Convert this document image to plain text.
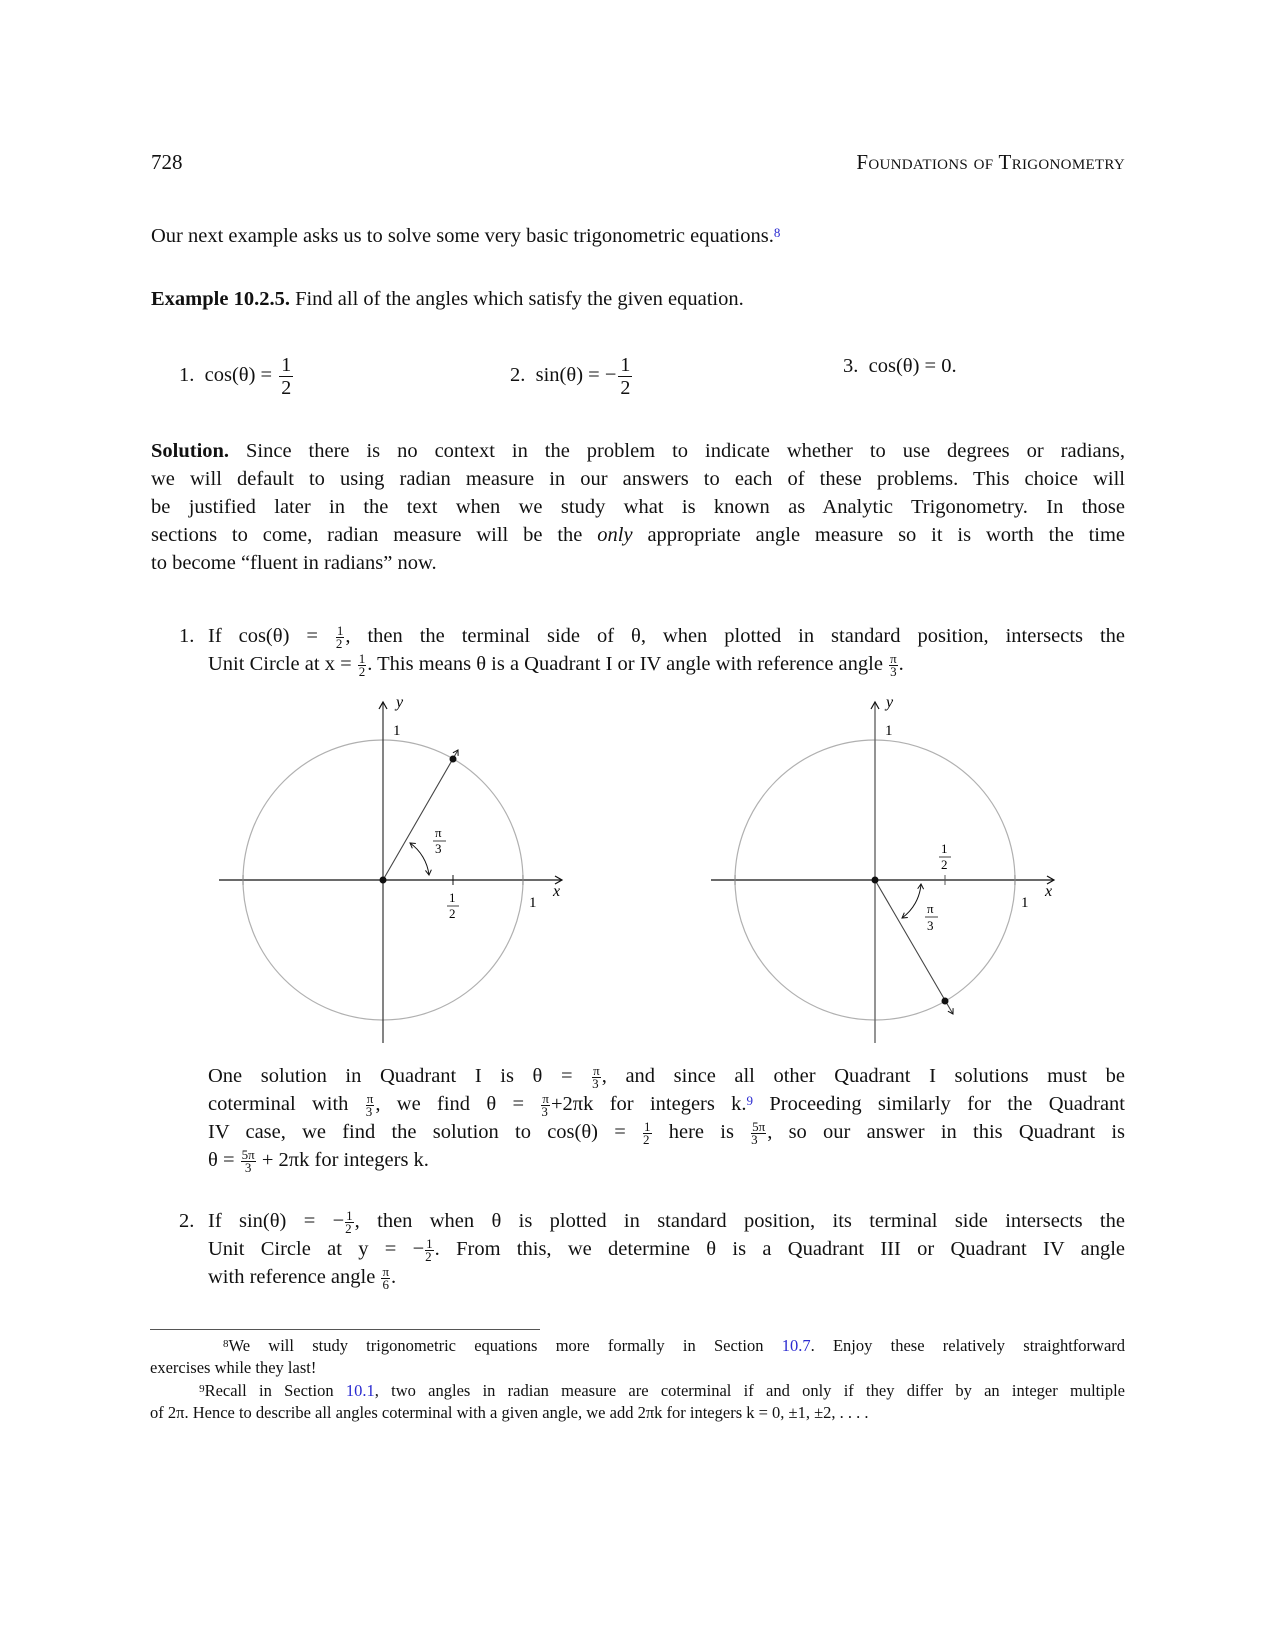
728	Foundations of Trigonometry
Our next example asks us to solve some very basic trigonometric equations.$^8$
Example 10.2.5. Find all of the angles which satisfy the given equation.
1. $\cos(\theta) = \frac{1}{2}$	2. sin(θ) = − $\frac{1}{2}$	3. cos(θ) = 0.
Solution. Since there is no context in the problem to indicate whether to use degrees or radians,
we will default to using radian measure in our answers to each of these problems. This choice will
be justified later in the text when we study what is known as Analytic Trigonometry. In those
sections to come, radian measure will be the only appropriate angle measure so it is worth the time
to become “fluent in radians” now.
1. If $\cos(\theta) = \frac{1}{2}$ , then the terminal side of θ, when plotted in standard position, intersects the
Unit Circle at $x = \frac{1}{2}$ . This means θ is a Quadrant I or IV angle with reference angle $\frac{\pi}{3}$ .
y
x
1
1
1
2
π
3
y
x
1
1
1
2
π
3
One solution in Quadrant I is $\theta = \frac{\pi}{3}$ , and since all other Quadrant I solutions must be
coterminal with $\frac{\pi}{3}$ , we find $\theta = \frac{\pi}{3} +2\pi k$ for integers k.$^9$ Proceeding similarly for the Quadrant
IV case, we find the solution to $\cos(\theta) = \frac{1}{2}$ here is $\frac{5\pi}{3}$ , so our answer in this Quadrant is
$\theta = \frac{5\pi}{3} + 2\pi k$ for integers k.
2. If sin(θ) = − $\frac{1}{2}$ , then when θ is plotted in standard position, its terminal side intersects the
Unit Circle at y = − $\frac{1}{2}$ . From this, we determine θ is a Quadrant III or Quadrant IV angle
with reference angle $\frac{\pi}{6}$ .
$^8$We will study trigonometric equations more formally in Section 10.7. Enjoy these relatively straightforward
exercises while they last!
$^9$Recall in Section 10.1, two angles in radian measure are coterminal if and only if they differ by an integer multiple
of 2π. Hence to describe all angles coterminal with a given angle, we add 2πk for integers k = 0, ±1, ±2, . . . .
